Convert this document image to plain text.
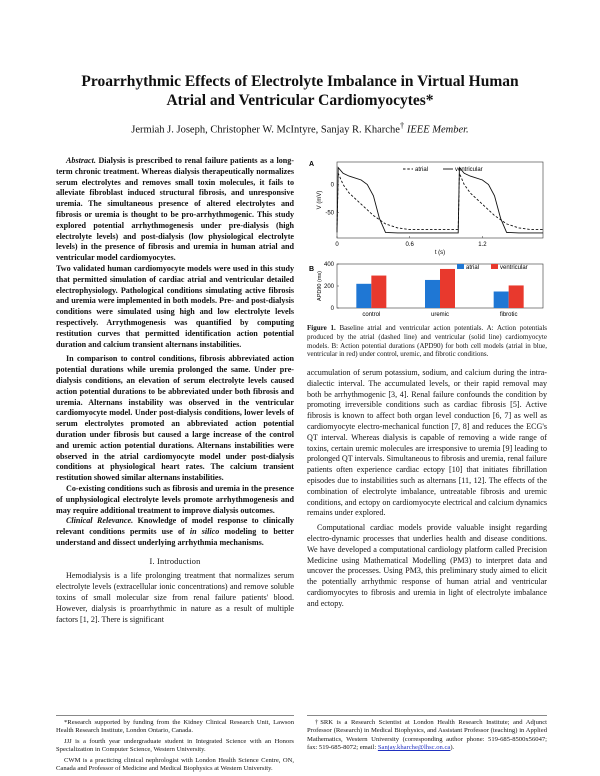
Proarrhythmic Effects of Electrolyte Imbalance in Virtual Human
Atrial and Ventricular Cardiomyocytes*
Jermiah J. Joseph, Christopher W. McIntyre, Sanjay R. Kharche† IEEE Member.

Abstract. Dialysis is prescribed to renal failure patients as a long-term chronic treatment. Whereas dialysis therapeutically normalizes serum electrolytes and removes small toxin molecules, it fails to alleviate fibroblast induced structural fibrosis, and unresponsive uremia. The simultaneous presence of altered electrolytes and fibrosis or uremia is thought to be pro-arrhythmogenic. This study explored potential arrhythmogenesis under pre-dialysis (high electrolyte levels) and post-dialysis (low physiological electrolyte levels) in the presence of fibrosis and uremia in human atrial and ventricular model cardiomyocytes.

Two validated human cardiomyocyte models were used in this study that permitted simulation of cardiac atrial and ventricular detailed electrophysiology. Pathological conditions simulating active fibrosis and uremia were implemented in both models. Pre- and post-dialysis conditions were simulated using high and low electrolyte levels respectively. Arrythmogenesis was quantified by computing restitution curves that permitted identification action potential duration and calcium transient alternans instabilities.

In comparison to control conditions, fibrosis abbreviated action potential durations while uremia prolonged the same. Under pre-dialysis conditions, an elevation of serum electrolyte levels caused action potential durations to be abbreviated under both fibrosis and uremia. Alternans instability was observed in the ventricular cardiomyocyte model. Under post-dialysis conditions, lower levels of serum electrolytes promoted an abbreviated action potential duration under fibrosis but caused a large increase of the control and uremic action potential durations. Alternans instabilities were observed in the atrial cardiomyocyte model under post-dialysis conditions at physiological heart rates. The calcium transient restitution showed similar alternans instabilities.

Co-existing conditions such as fibrosis and uremia in the presence of unphysiological electrolyte levels promote arrhythmogenesis and may require additional treatment to improve dialysis outcomes.

Clinical Relevance. Knowledge of model response to clinically relevant conditions permits use of in silico modeling to better understand and dissect underlying arrhythmia mechanisms.

I. Introduction

Hemodialysis is a life prolonging treatment that normalizes serum electrolyte levels (extracellular ionic concentrations) and remove soluble toxins of small molecular size from renal failure patients' blood. However, dialysis is proarrhythmic in nature as a result of multiple factors [1, 2]. There is significant

A
0	0.6	1.2
0
-50
t (s)
V (mV)
atrial	ventricular
B
control	uremic	fibrotic
0
200
400
APD90 (ms)
atrial	ventricular
Figure 1. Baseline atrial and ventricular action potentials. A: Action potentials produced by the atrial (dashed line) and ventricular (solid line) cardiomyocyte models. B: Action potential durations (APD90) for both cell models (atrial in blue, ventricular in red) under control, uremic, and fibrotic conditions.

accumulation of serum potassium, sodium, and calcium during the intra-dialectic interval. The accumulated levels, or their rapid removal may both be arrhythmogenic [3, 4]. Renal failure confounds the condition by promoting irreversible conditions such as cardiac fibrosis [5]. Active fibrosis is known to affect both organ level conduction [6, 7] as well as cardiomyocyte electro-mechanical function [7, 8] and reduces the ECG's QT interval. Whereas dialysis is capable of removing a wide range of toxins, certain uremic molecules are irresponsive to uremia [9] leading to prolonged QT intervals. Simultaneous to fibrosis and uremia, renal failure patients often experience cardiac ectopy [10] that initiates fibrillation episodes due to instabilities such as alternans [11, 12]. The effects of the combination of electrolyte imbalance, untreatable fibrosis and uremic conditions, and ectopy on cardiomyocyte electrical and calcium dynamics remains under explored.

Computational cardiac models provide valuable insight regarding electro-dynamic processes that underlies health and disease conditions. We have developed a computational cardiology platform called Precision Medicine using Mathematical Modelling (PM3) to interpret data and uncover the processes. Using PM3, this preliminary study aimed to elicit the potentially arrhythmic response of human atrial and ventricular cardiomyocytes to fibrosis and uremia in light of electrolyte imbalance and ectopy.

*Research supported by funding from the Kidney Clinical Research Unit, Lawson Health Research Institute, London Ontario, Canada.

JJJ is a fourth year undergraduate student in Integrated Science with an Honors Specialization in Computer Science, Western University.

CWM is a practicing clinical nephrologist with London Health Science Centre, ON, Canada and Professor of Medicine and Medical Biophysics at Western University.

†SRK is a Research Scientist at London Health Research Institute; and Adjunct Professor (Research) in Medical Biophysics, and Assistant Professor (teaching) in Applied Mathematics, Western University (corresponding author phone: 519-685-8500x56047; fax: 519-685-8072; email: Sanjay.kharche@lhsc.on.ca).
